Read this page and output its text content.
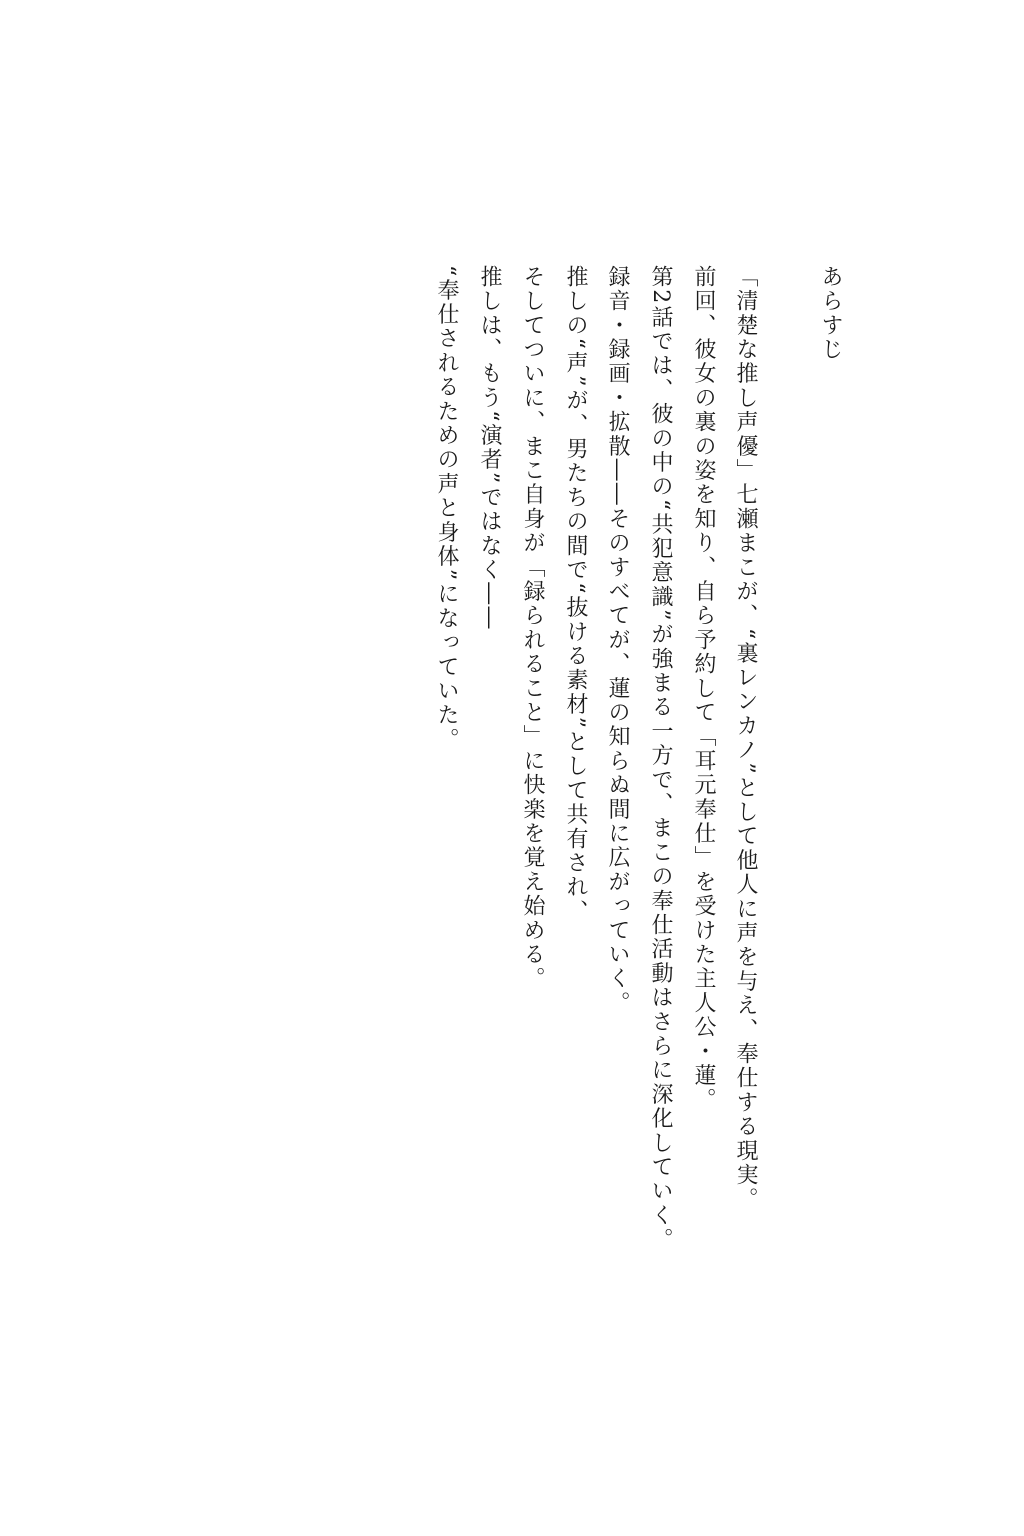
あらすじ
「清楚な推し声優」七瀬まこが、“裏レンカノ”として他人に声を与え、奉仕する現実。
前回、彼女の裏の姿を知り、自ら予約して「耳元奉仕」を受けた主人公・蓮。
第2話では、彼の中の“共犯意識”が強まる一方で、まこの奉仕活動はさらに深化していく。
録音・録画・拡散――そのすべてが、蓮の知らぬ間に広がっていく。
推しの“声”が、男たちの間で“抜ける素材”として共有され、
そしてついに、まこ自身が「録られること」に快楽を覚え始める。
推しは、もう“演者”ではなく――
“奉仕されるための声と身体”になっていた。
